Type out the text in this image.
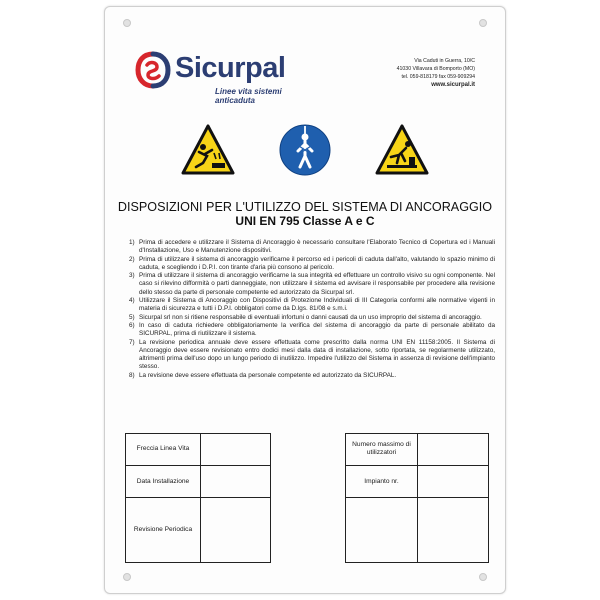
Sicurpal
Linee vita sistemi anticaduta
Via Caduti in Guerra, 10/C
41030 Villavara di Bomporto (MO)
tel. 059-818179 fax 059-909294
www.sicurpal.it
DISPOSIZIONI PER L'UTILIZZO DEL SISTEMA DI ANCORAGGIO
UNI EN 795 Classe A e C
1) Prima di accedere e utilizzare il Sistema di Ancoraggio è necessario consultare l'Elaborato Tecnico di Copertura ed i Manuali d'Installazione, Uso e Manutenzione dispositivi.
2) Prima di utilizzare il sistema di ancoraggio verificarne il percorso ed i pericoli di caduta dall'alto, valutando lo spazio minimo di caduta, e scegliendo i D.P.I. con tirante d'aria più consono al pericolo.
3) Prima di utilizzare il sistema di ancoraggio verificarne la sua integrità ed effettuare un controllo visivo su ogni componente. Nel caso si rilevino difformità o parti danneggiate, non utilizzare il sistema ed avvisare il responsabile per procedere alla revisione dello stesso da parte di personale competente ed autorizzato da Sicurpal srl.
4) Utilizzare il Sistema di Ancoraggio con Dispositivi di Protezione Individuali di III Categoria conformi alle normative vigenti in materia di sicurezza e tutti i D.P.I. obbligatori come da D.lgs. 81/08 e s.m.i.
5) Sicurpal srl non si ritiene responsabile di eventuali infortuni o danni causati da un uso improprio del sistema di ancoraggio.
6) In caso di caduta richiedere obbligatoriamente la verifica del sistema di ancoraggio da parte di personale abilitato da SICURPAL, prima di riutilizzare il sistema.
7) La revisione periodica annuale deve essere effettuata come prescritto dalla norma UNI EN 11158:2005. Il Sistema di Ancoraggio deve essere revisionato entro dodici mesi dalla data di installazione, sotto riportata, se regolarmente utilizzato, altrimenti prima dell'uso dopo un lungo periodo di inutilizzo. Impedire l'utilizzo del Sistema in assenza di revisione dell'impianto stesso.
8) La revisione deve essere effettuata da personale competente ed autorizzato da SICURPAL.
Freccia Linea Vita
Data Installazione
Revisione Periodica
Numero massimo di utilizzatori
Impianto nr.
